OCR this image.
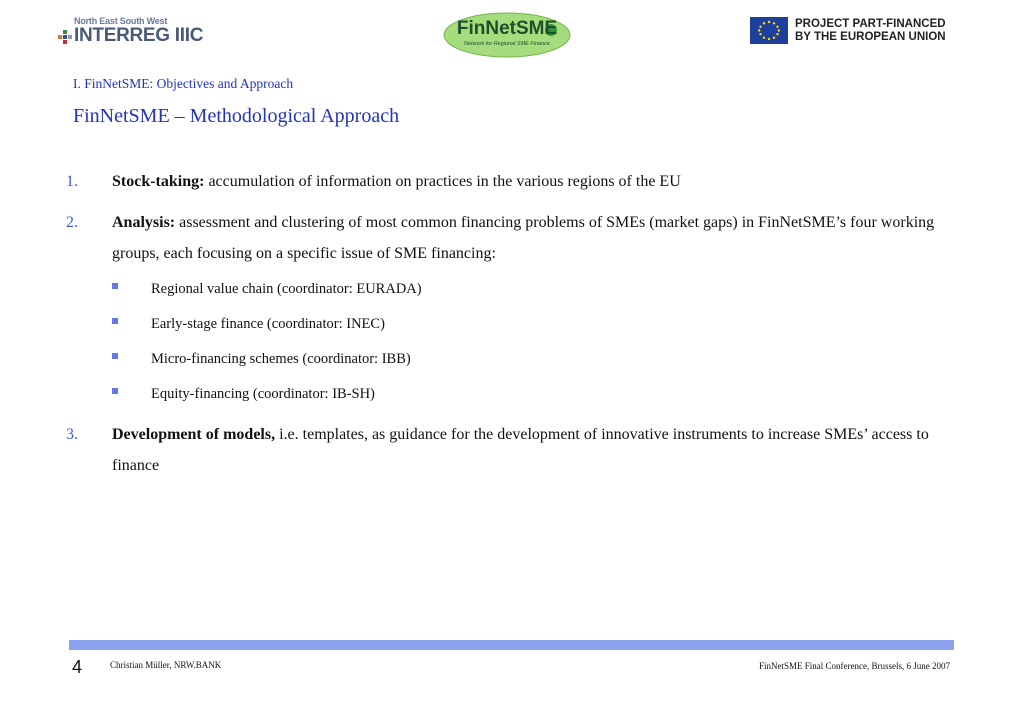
North East South West
INTERREG IIIC	FinNetSME
Network for Regional SME Finance
PROJECT PART-FINANCED
BY THE EUROPEAN UNION
I. FinNetSME: Objectives and Approach
FinNetSME – Methodological Approach
1. Stock-taking: accumulation of information on practices in the various regions of the EU
2. Analysis: assessment and clustering of most common financing problems of SMEs (market gaps) in FinNetSME’s four working groups, each focusing on a specific issue of SME financing:
Regional value chain (coordinator: EURADA)
Early-stage finance (coordinator: INEC)
Micro-financing schemes (coordinator: IBB)
Equity-financing (coordinator: IB-SH)
3. Development of models, i.e. templates, as guidance for the development of innovative instruments to increase SMEs’ access to finance
4	Christian Müller, NRW.BANK	FinNetSME Final Conference, Brussels, 6 June 2007
